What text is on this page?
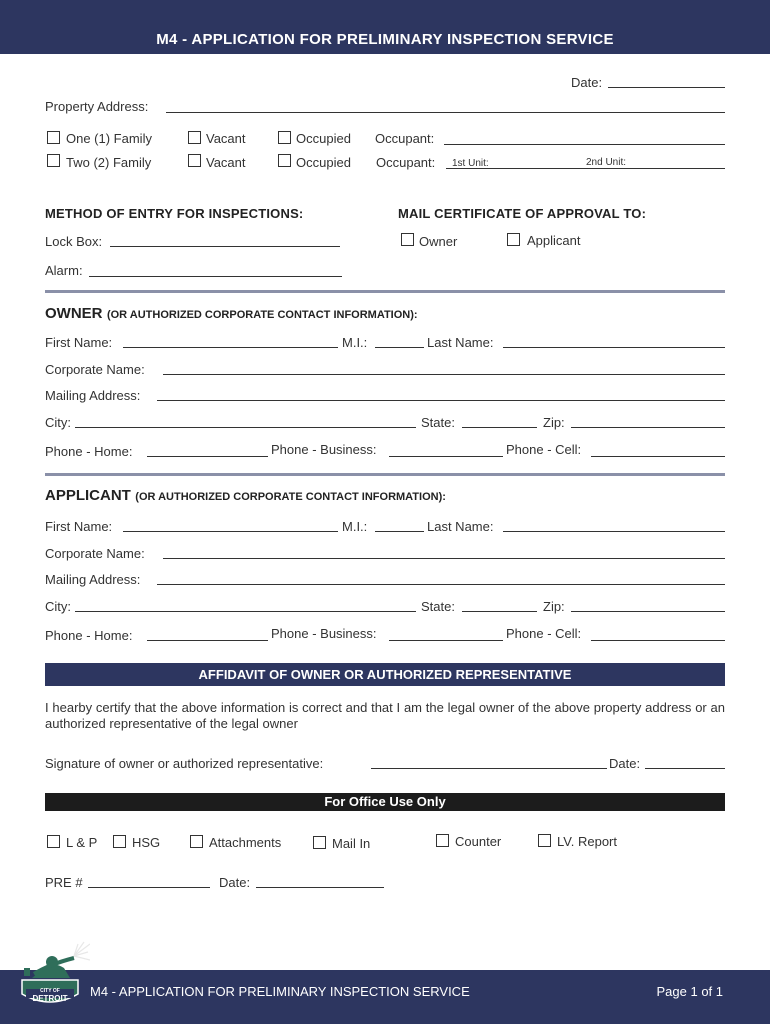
M4 - APPLICATION FOR PRELIMINARY INSPECTION SERVICE
Date:
Property Address:
One (1) Family	Vacant	Occupied Occupant:
Two (2) Family	Vacant	Occupied Occupant: 1st Unit:	2nd Unit:
METHOD OF ENTRY FOR INSPECTIONS:	MAIL CERTIFICATE OF APPROVAL TO:
Lock Box:	Owner	Applicant
Alarm:
OWNER (OR AUTHORIZED CORPORATE CONTACT INFORMATION):
First Name:	M.I.:	Last Name:
Corporate Name:
Mailing Address:
City:	State:	Zip:
Phone - Home:	Phone - Business:	Phone - Cell:
APPLICANT (OR AUTHORIZED CORPORATE CONTACT INFORMATION):
First Name:	M.I.:	Last Name:
Corporate Name:
Mailing Address:
City:	State:	Zip:
Phone - Home:	Phone - Business:	Phone - Cell:
AFFIDAVIT OF OWNER OR AUTHORIZED REPRESENTATIVE
I hearby certify that the above information is correct and that I am the legal owner of the above property address or an authorized representative of the legal owner
Signature of owner or authorized representative:	Date:
For Office Use Only
L & P	HSG	Attachments	Mail In	Counter	LV. Report
PRE #	Date:
CITY OF
DETROIT	M4 - APPLICATION FOR PRELIMINARY INSPECTION SERVICE	Page 1 of 1
